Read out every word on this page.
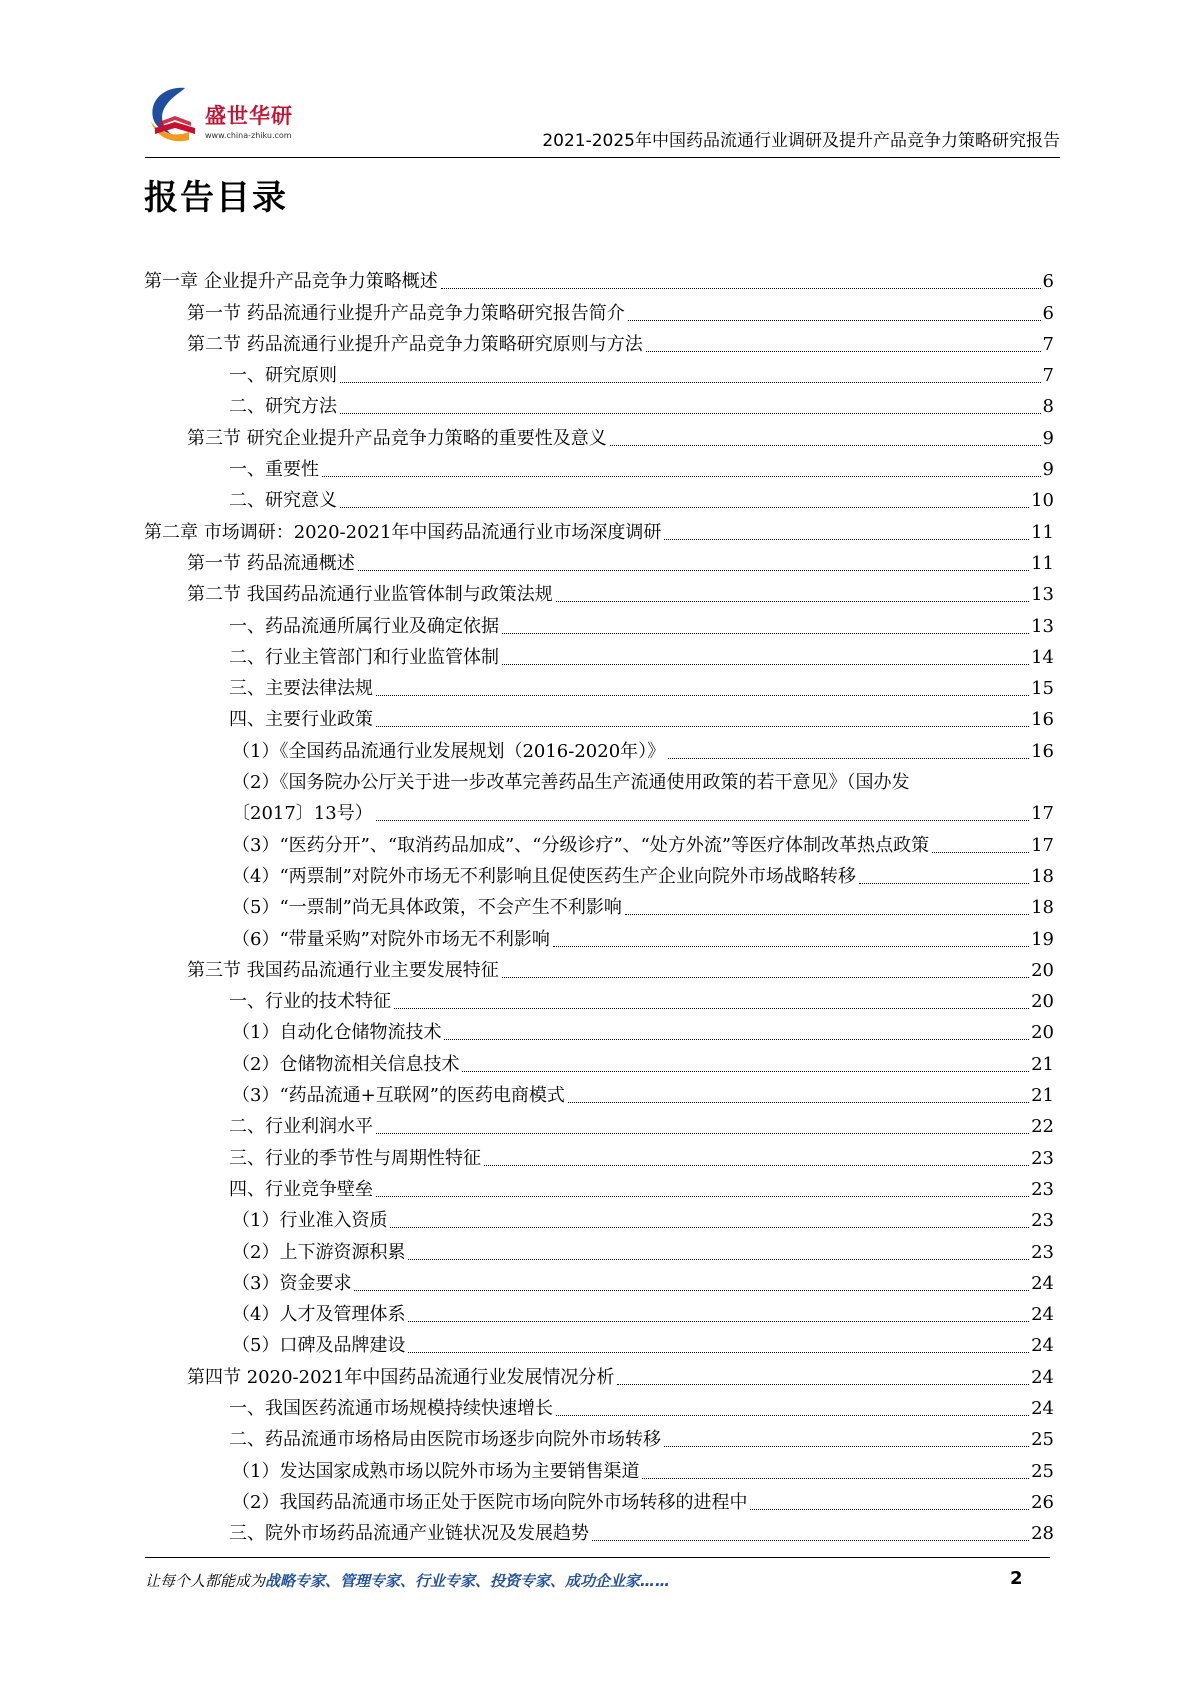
盛世华研
www.china-zhiku.com	2021-2025年中国药品流通行业调研及提升产品竞争力策略研究报告
报告目录
第一章 企业提升产品竞争力策略概述	6
第一节 药品流通行业提升产品竞争力策略研究报告简介	6
第二节 药品流通行业提升产品竞争力策略研究原则与方法	7
一、研究原则	7
二、研究方法	8
第三节 研究企业提升产品竞争力策略的重要性及意义	9
一、重要性	9
二、研究意义	10
第二章 市场调研：2020-2021年中国药品流通行业市场深度调研	11
第一节 药品流通概述	11
第二节 我国药品流通行业监管体制与政策法规	13
一、药品流通所属行业及确定依据	13
二、行业主管部门和行业监管体制	14
三、主要法律法规	15
四、主要行业政策	16
（1）《全国药品流通行业发展规划（2016-2020年）》	16
（2）《国务院办公厅关于进一步改革完善药品生产流通使用政策的若干意见》（国办发
〔2017〕13号）	17
（3）“医药分开”、“取消药品加成”、“分级诊疗”、“处方外流”等医疗体制改革热点政策	17
（4）“两票制”对院外市场无不利影响且促使医药生产企业向院外市场战略转移	18
（5）“一票制”尚无具体政策，不会产生不利影响	18
（6）“带量采购”对院外市场无不利影响	19
第三节 我国药品流通行业主要发展特征	20
一、行业的技术特征	20
（1）自动化仓储物流技术	20
（2）仓储物流相关信息技术	21
（3）“药品流通+互联网”的医药电商模式	21
二、行业利润水平	22
三、行业的季节性与周期性特征	23
四、行业竞争壁垒	23
（1）行业准入资质	23
（2）上下游资源积累	23
（3）资金要求	24
（4）人才及管理体系	24
（5）口碑及品牌建设	24
第四节 2020-2021年中国药品流通行业发展情况分析	24
一、我国医药流通市场规模持续快速增长	24
二、药品流通市场格局由医院市场逐步向院外市场转移	25
（1）发达国家成熟市场以院外市场为主要销售渠道	25
（2）我国药品流通市场正处于医院市场向院外市场转移的进程中	26
三、院外市场药品流通产业链状况及发展趋势	28
让每个人都能成为战略专家、管理专家、行业专家、投资专家、成功企业家……	2
